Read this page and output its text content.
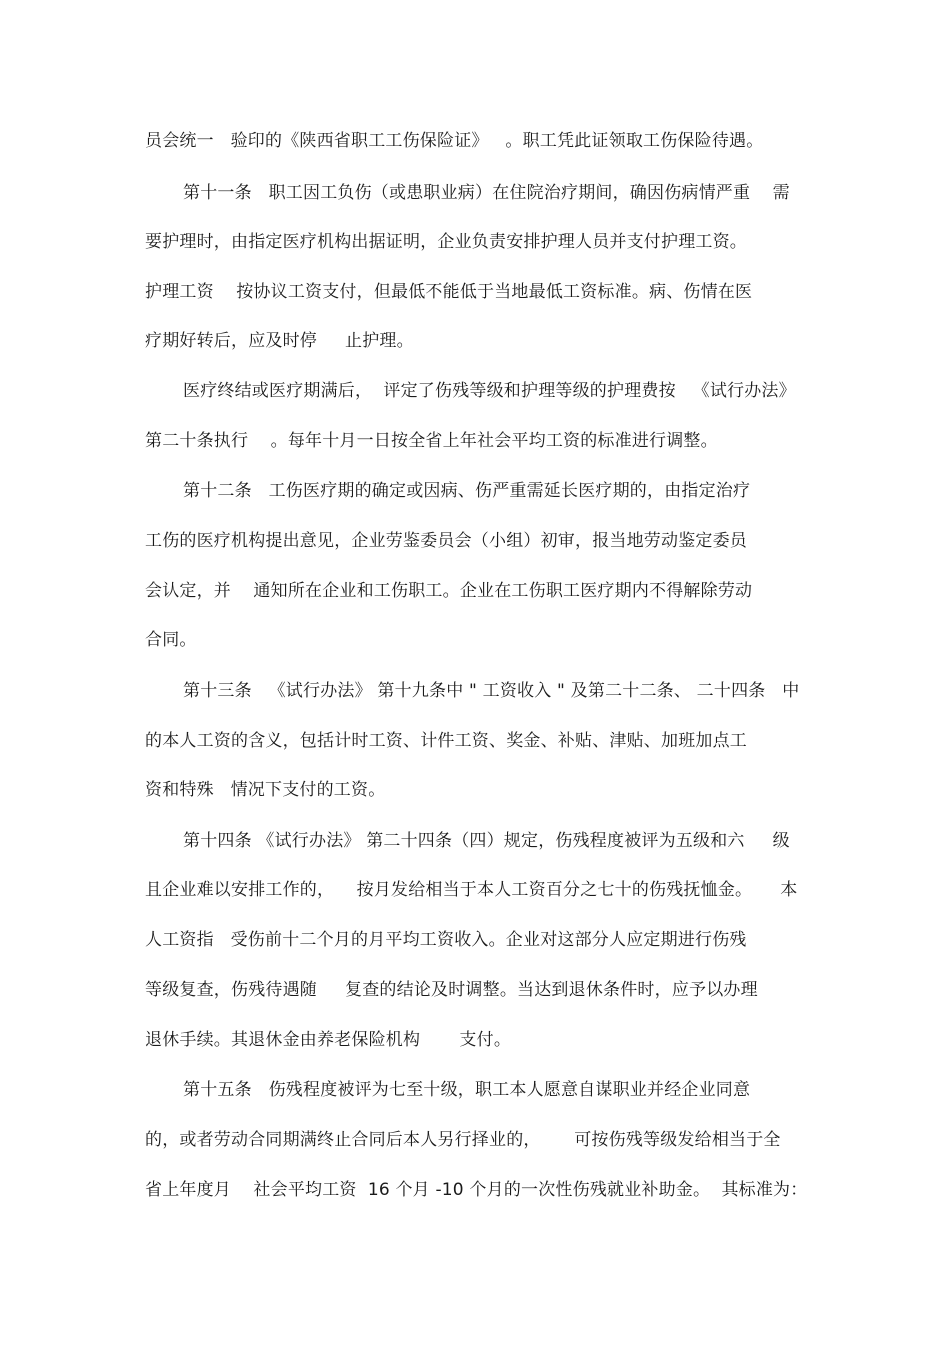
员会统一   验印的《陕西省职工工伤保险证》   。职工凭此证领取工伤保险待遇。
第十一条   职工因工负伤（或患职业病）在住院治疗期间，确因伤病情严重    需
要护理时，由指定医疗机构出据证明，企业负责安排护理人员并支付护理工资。
护理工资    按协议工资支付，但最低不能低于当地最低工资标准。病、伤情在医
疗期好转后，应及时停     止护理。
医疗终结或医疗期满后，  评定了伤残等级和护理等级的护理费按   《试行办法》
第二十条执行    。每年十月一日按全省上年社会平均工资的标准进行调整。
第十二条   工伤医疗期的确定或因病、伤严重需延长医疗期的，由指定治疗
工伤的医疗机构提出意见，企业劳鉴委员会（小组）初审，报当地劳动鉴定委员
会认定，并    通知所在企业和工伤职工。企业在工伤职工医疗期内不得解除劳动
合同。
第十三条   《试行办法》 第十九条中 " 工资收入 " 及第二十二条、 二十四条   中
的本人工资的含义，包括计时工资、计件工资、奖金、补贴、津贴、加班加点工
资和特殊   情况下支付的工资。
第十四条 《试行办法》 第二十四条（四）规定，伤残程度被评为五级和六     级
且企业难以安排工作的，    按月发给相当于本人工资百分之七十的伤残抚恤金。     本
人工资指   受伤前十二个月的月平均工资收入。企业对这部分人应定期进行伤残
等级复查，伤残待遇随     复查的结论及时调整。当达到退休条件时，应予以办理
退休手续。其退休金由养老保险机构       支付。
第十五条   伤残程度被评为七至十级，职工本人愿意自谋职业并经企业同意
的，或者劳动合同期满终止合同后本人另行择业的，      可按伤残等级发给相当于全
省上年度月    社会平均工资  16 个月 -10 个月的一次性伤残就业补助金。  其标准为：
